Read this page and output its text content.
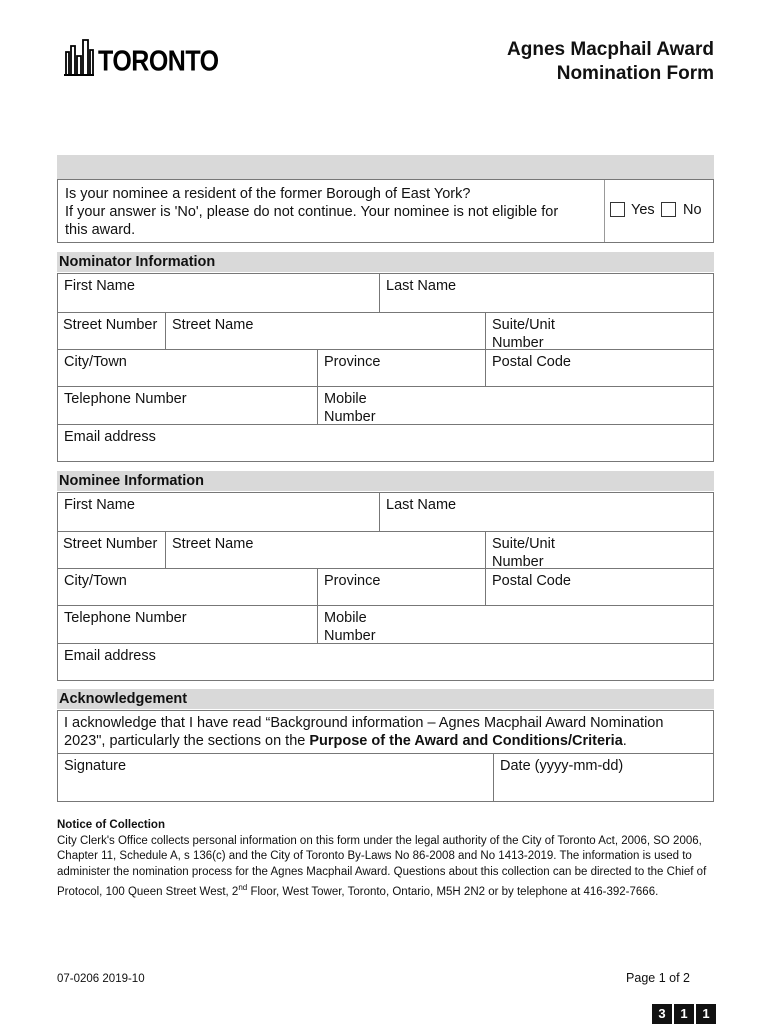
TORONTO	Agnes Macphail Award
Nomination Form
Is your nominee a resident of the former Borough of East York?
If your answer is 'No', please do not continue. Your nominee is not eligible for
this award.
Yes No
Nominator Information
First Name	Last Name
Street Number	Street Name	Suite/Unit
Number
City/Town	Province	Postal Code
Telephone Number	Mobile
Number
Email address
Nominee Information
First Name	Last Name
Street Number	Street Name	Suite/Unit
Number
City/Town	Province	Postal Code
Telephone Number	Mobile
Number
Email address
Acknowledgement
I acknowledge that I have read “Background information – Agnes Macphail Award Nomination 2023", particularly the sections on the Purpose of the Award and Conditions/Criteria.
Signature	Date (yyyy-mm-dd)
Notice of Collection
City Clerk's Office collects personal information on this form under the legal authority of the City of Toronto Act, 2006, SO 2006, Chapter 11, Schedule A, s 136(c) and the City of Toronto By-Laws No 86-2008 and No 1413-2019. The information is used to administer the nomination process for the Agnes Macphail Award. Questions about this collection can be directed to the Chief of Protocol, 100 Queen Street West, 2nd Floor, West Tower, Toronto, Ontario, M5H 2N2 or by telephone at 416-392-7666.
07-0206 2019-10	Page 1 of 2
3	1	1
